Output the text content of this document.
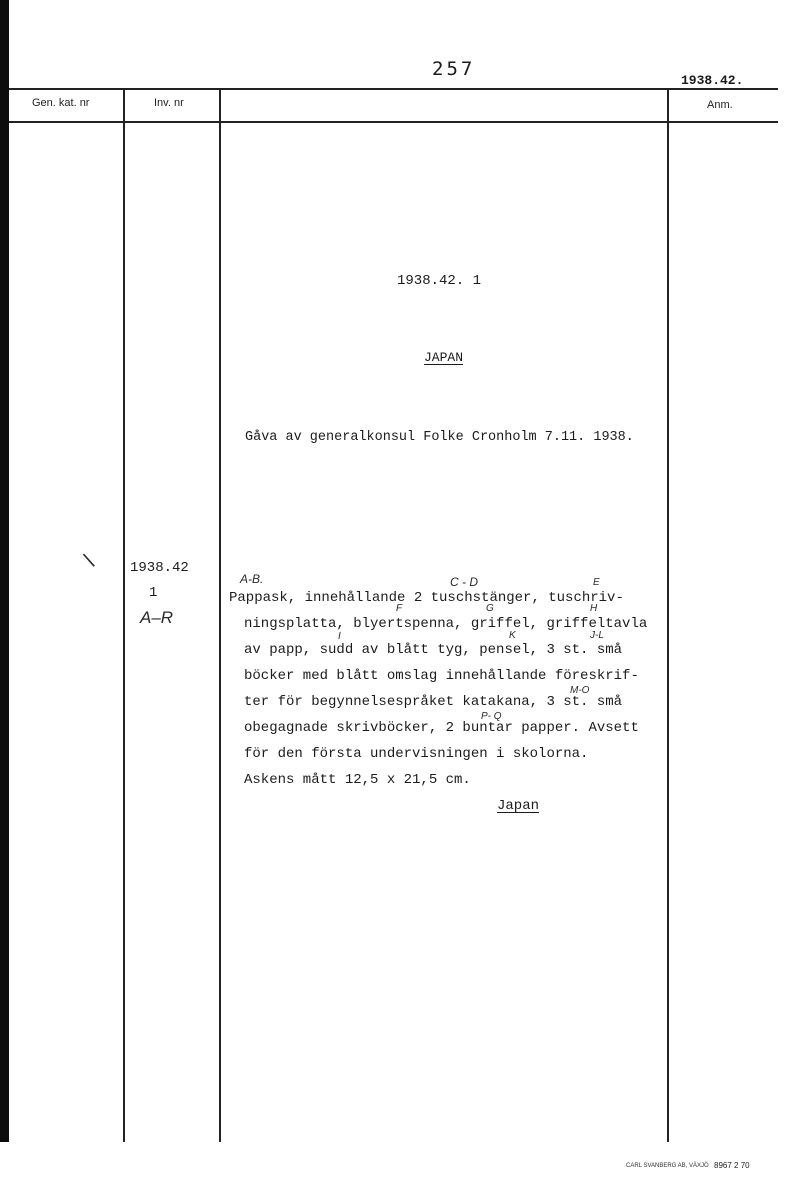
257
1938.42.
Gen. kat. nr	Inv. nr	Anm.
1938.42. 1
JAPAN
Gåva av generalkonsul Folke Cronholm 7.11. 1938.
\ 1938.42
1
A–R
A-B.	C - D	E
F	G	H
I	K	J-L
M-O
P- Q
Pappask, innehållande 2 tuschstänger, tuschriv-
ningsplatta, blyertspenna, griffel, griffeltavla
av papp, sudd av blått tyg, pensel, 3 st. små
böcker med blått omslag innehållande föreskrif-
ter för begynnelsespråket katakana, 3 st. små
obegagnade skrivböcker, 2 buntar papper. Avsett
för den första undervisningen i skolorna.
Askens mått 12,5 x 21,5 cm.
Japan
CARL SVANBERG AB, VÄXJÖ 8967 2 70
